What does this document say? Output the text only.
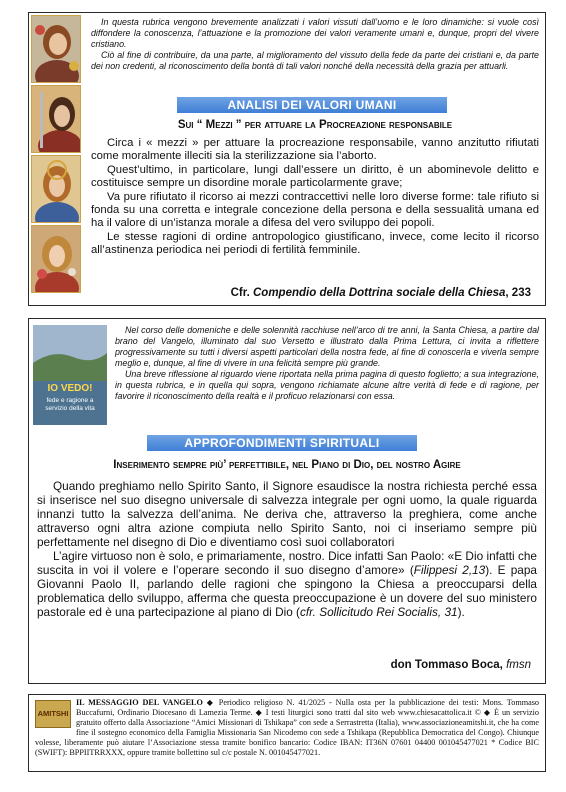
In questa rubrica vengono brevemente analizzati i valori vissuti dall’uomo e le loro dinamiche: si vuole così diffondere la conoscenza, l’attuazione e la promozione dei valori veramente umani e, dunque, propri del vivere cristiano.

Ciò al fine di contribuire, da una parte, al miglioramento del vissuto della fede da parte dei cristiani e, da parte dei non credenti, al riconoscimento della bontà di tali valori nonché della necessità della grazia per attuarli.

ANALISI DEI VALORI UMANI
Sui “ Mezzi ” per attuare la Procreazione responsabile

Circa i « mezzi » per attuare la procreazione responsabile, vanno anzitutto rifiutati come moralmente illeciti sia la sterilizzazione sia l’aborto.

Quest’ultimo, in particolare, lungi dall’essere un diritto, è un abominevole delitto e costituisce sempre un disordine morale particolarmente grave;

Va pure rifiutato il ricorso ai mezzi contraccettivi nelle loro diverse forme: tale rifiuto si fonda su una corretta e integrale concezione della persona e della sessualità umana ed ha il valore di un’istanza morale a difesa del vero sviluppo dei popoli.

Le stesse ragioni di ordine antropologico giustificano, invece, come lecito il ricorso all’astinenza periodica nei periodi di fertilità femminile.

Cfr. Compendio della Dottrina sociale della Chiesa, 233
IO VEDO!
fede e ragione a servizio della vita

Nel corso delle domeniche e delle solennità racchiuse nell’arco di tre anni, la Santa Chiesa, a partire dal brano del Vangelo, illuminato dal suo Versetto e illustrato dalla Prima Lettura, ci invita a riflettere progressivamente su tutti i diversi aspetti particolari della nostra fede, al fine di conoscerla e viverla sempre meglio e, dunque, al fine di vivere in una felicità sempre più grande.

Una breve riflessione al riguardo viene riportata nella prima pagina di questo foglietto; a sua integrazione, in questa rubrica, e in quella qui sopra, vengono richiamate alcune altre verità di fede e di ragione, per favorire il riconoscimento della realtà e il proficuo relazionarsi con essa.

APPROFONDIMENTI SPIRITUALI
Inserimento sempre più’ perfettibile, nel Piano di Dio, del nostro Agire

Quando preghiamo nello Spirito Santo, il Signore esaudisce la nostra richiesta perché essa si inserisce nel suo disegno universale di salvezza integrale per ogni uomo, la quale riguarda innanzi tutto la salvezza dell’anima. Ne deriva che, attraverso la preghiera, come anche attraverso ogni altra azione compiuta nello Spirito Santo, noi ci inseriamo sempre più perfettamente nel disegno di Dio e diventiamo così suoi collaboratori

L’agire virtuoso non è solo, e primariamente, nostro. Dice infatti San Paolo: «E Dio infatti che suscita in voi il volere e l’operare secondo il suo disegno d’amore» (Filippesi 2,13). E papa Giovanni Paolo II, parlando delle ragioni che spingono la Chiesa a preoccuparsi della problematica dello sviluppo, afferma che questa preoccupazione è un dovere del suo ministero pastorale ed è una partecipazione al piano di Dio (cfr. Sollicitudo Rei Socialis, 31).

don Tommaso Boca, fmsn
AMITSHI
IL MESSAGGIO DEL VANGELO ◆ Periodico religioso N. 41/2025 - Nulla osta per la pubblicazione dei testi: Mons. Tommaso Buccafurni, Ordinario Diocesano di Lamezia Terme. ◆ I testi liturgici sono tratti dal sito web www.chiesacattolica.it © ◆ È un servizio gratuito offerto dalla Associazione “Amici Missionari di Tshikapa” con sede a Serrastretta (Italia), www.associazioneamitshi.it, che ha come fine il sostegno economico della Famiglia Missionaria San Nicodemo con sede a Tshikapa (Repubblica Democratica del Congo). Chiunque volesse, liberamente può aiutare l’Associazione stessa tramite bonifico bancario: Codice IBAN: IT36N 07601 04400 001045477021 * Codice BIC (SWIFT): BPPIITRRXXX, oppure tramite bollettino sul c/c postale N. 001045477021.
